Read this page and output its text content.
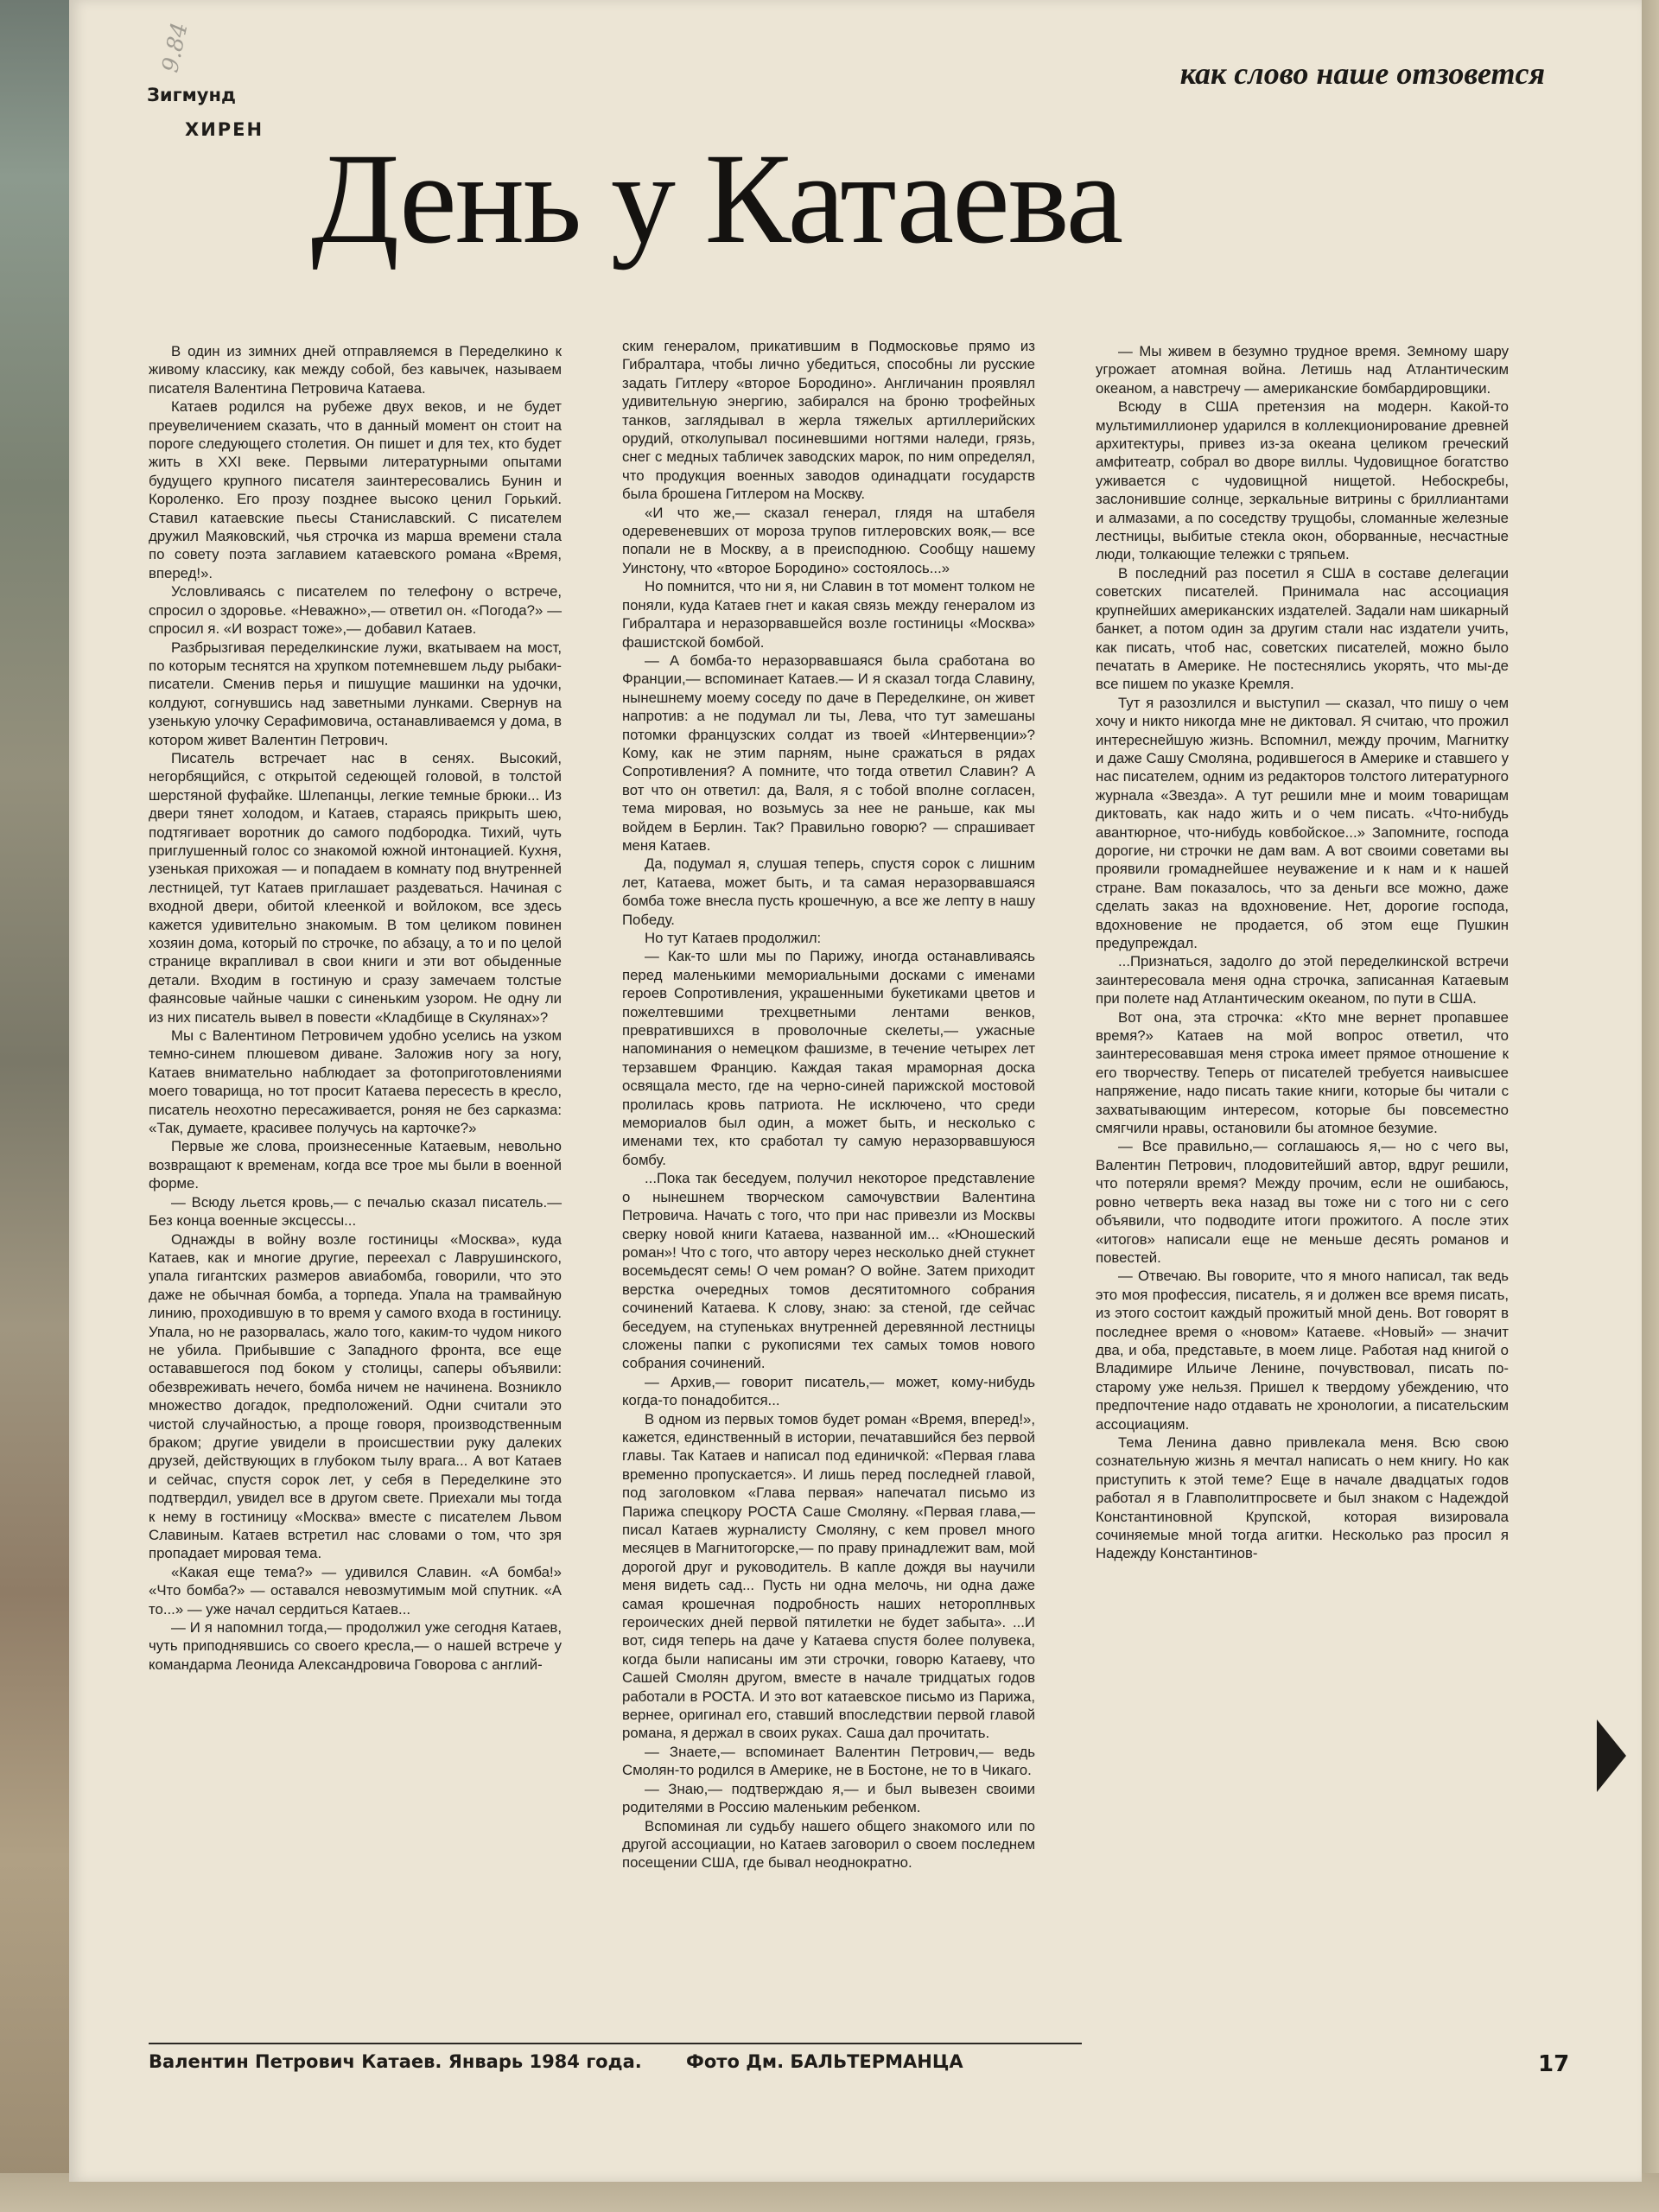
9.84
Зигмунд
ХИРЕН
как слово наше отзовется
День у Катаева

В один из зимних дней отправляемся в Переделкино к живому классику, как между собой, без кавычек, называем писателя Валентина Петровича Катаева.

Катаев родился на рубеже двух веков, и не будет преувеличением сказать, что в данный момент он стоит на пороге следующего столетия. Он пишет и для тех, кто будет жить в XXI веке. Первыми литературными опытами будущего крупного писателя заинтересовались Бунин и Короленко. Его прозу позднее высоко ценил Горький. Ставил катаевские пьесы Станиславский. С писателем дружил Маяковский, чья строчка из марша времени стала по совету поэта заглавием катаевского романа «Время, вперед!».

Условливаясь с писателем по телефону о встрече, спросил о здоровье. «Неважно»,— ответил он. «Погода?» — спросил я. «И возраст тоже»,— добавил Катаев.

Разбрызгивая переделкинские лужи, вкатываем на мост, по которым теснятся на хрупком потемневшем льду рыбаки-писатели. Сменив перья и пишущие машинки на удочки, колдуют, согнувшись над заветными лунками. Свернув на узенькую улочку Серафимовича, останавливаемся у дома, в котором живет Валентин Петрович.

Писатель встречает нас в сенях. Высокий, негорбящийся, с открытой седеющей головой, в толстой шерстяной фуфайке. Шлепанцы, легкие темные брюки... Из двери тянет холодом, и Катаев, стараясь прикрыть шею, подтягивает воротник до самого подбородка. Тихий, чуть приглушенный голос со знакомой южной интонацией. Кухня, узенькая прихожая — и попадаем в комнату под внутренней лестницей, тут Катаев приглашает раздеваться. Начиная с входной двери, обитой клеенкой и войлоком, все здесь кажется удивительно знакомым. В том целиком повинен хозяин дома, который по строчке, по абзацу, а то и по целой странице вкрапливал в свои книги и эти вот обыденные детали. Входим в гостиную и сразу замечаем толстые фаянсовые чайные чашки с синеньким узором. Не одну ли из них писатель вывел в повести «Кладбище в Скулянах»?

Мы с Валентином Петровичем удобно уселись на узком темно-синем плюшевом диване. Заложив ногу за ногу, Катаев внимательно наблюдает за фотоприготовлениями моего товарища, но тот просит Катаева пересесть в кресло, писатель неохотно пересаживается, роняя не без сарказма: «Так, думаете, красивее получусь на карточке?»

Первые же слова, произнесенные Катаевым, невольно возвращают к временам, когда все трое мы были в военной форме.

— Всюду льется кровь,— с печалью сказал писатель.— Без конца военные эксцессы...

Однажды в войну возле гостиницы «Москва», куда Катаев, как и многие другие, переехал с Лаврушинского, упала гигантских размеров авиабомба, говорили, что это даже не обычная бомба, а торпеда. Упала на трамвайную линию, проходившую в то время у самого входа в гостиницу. Упала, но не разорвалась, жало того, каким-то чудом никого не убила. Прибывшие с Западного фронта, все еще остававшегося под боком у столицы, саперы объявили: обезвреживать нечего, бомба ничем не начинена. Возникло множество догадок, предположений. Одни считали это чистой случайностью, а проще говоря, производственным браком; другие увидели в происшествии руку далеких друзей, действующих в глубоком тылу врага... А вот Катаев и сейчас, спустя сорок лет, у себя в Переделкине это подтвердил, увидел все в другом свете. Приехали мы тогда к нему в гостиницу «Москва» вместе с писателем Львом Славиным. Катаев встретил нас словами о том, что зря пропадает мировая тема.

«Какая еще тема?» — удивился Славин. «А бомба!» «Что бомба?» — оставался невозмутимым мой спутник. «А то...» — уже начал сердиться Катаев...

— И я напомнил тогда,— продолжил уже сегодня Катаев, чуть приподнявшись со своего кресла,— о нашей встрече у командарма Леонида Александровича Говорова с англий-

ским генералом, прикатившим в Подмосковье прямо из Гибралтара, чтобы лично убедиться, способны ли русские задать Гитлеру «второе Бородино». Англичанин проявлял удивительную энергию, забирался на броню трофейных танков, заглядывал в жерла тяжелых артиллерийских орудий, отколупывал посиневшими ногтями наледи, грязь, снег с медных табличек заводских марок, по ним определял, что продукция военных заводов одинадцати государств была брошена Гитлером на Москву.

«И что же,— сказал генерал, глядя на штабеля одеревеневших от мороза трупов гитлеровских вояк,— все попали не в Москву, а в преисподнюю. Сообщу нашему Уинстону, что «второе Бородино» состоялось...»

Но помнится, что ни я, ни Славин в тот момент толком не поняли, куда Катаев гнет и какая связь между генералом из Гибралтара и неразорвавшейся возле гостиницы «Москва» фашистской бомбой.

— А бомба-то неразорвавшаяся была сработана во Франции,— вспоминает Катаев.— И я сказал тогда Славину, нынешнему моему соседу по даче в Переделкине, он живет напротив: а не подумал ли ты, Лева, что тут замешаны потомки французских солдат из твоей «Интервенции»? Кому, как не этим парням, ныне сражаться в рядах Сопротивления? А помните, что тогда ответил Славин? А вот что он ответил: да, Валя, я с тобой вполне согласен, тема мировая, но возьмусь за нее не раньше, как мы войдем в Берлин. Так? Правильно говорю? — спрашивает меня Катаев.

Да, подумал я, слушая теперь, спустя сорок с лишним лет, Катаева, может быть, и та самая неразорвавшаяся бомба тоже внесла пусть крошечную, а все же лепту в нашу Победу.

Но тут Катаев продолжил:

— Как-то шли мы по Парижу, иногда останавливаясь перед маленькими мемориальными досками с именами героев Сопротивления, украшенными букетиками цветов и пожелтевшими трехцветными лентами венков, превратившихся в проволочные скелеты,— ужасные напоминания о немецком фашизме, в течение четырех лет терзавшем Францию. Каждая такая мраморная доска освящала место, где на черно-синей парижской мостовой пролилась кровь патриота. Не исключено, что среди мемориалов был один, а может быть, и несколько с именами тех, кто сработал ту самую неразорвавшуюся бомбу.

...Пока так беседуем, получил некоторое представление о нынешнем творческом самочувствии Валентина Петровича. Начать с того, что при нас привезли из Москвы сверку новой книги Катаева, названной им... «Юношеский роман»! Что с того, что автору через несколько дней стукнет восемьдесят семь! О чем роман? О войне. Затем приходит верстка очередных томов десятитомного собрания сочинений Катаева. К слову, знаю: за стеной, где сейчас беседуем, на ступеньках внутренней деревянной лестницы сложены папки с рукописями тех самых томов нового собрания сочинений.

— Архив,— говорит писатель,— может, кому-нибудь когда-то понадобится...

В одном из первых томов будет роман «Время, вперед!», кажется, единственный в истории, печатавшийся без первой главы. Так Катаев и написал под единичкой: «Первая глава временно пропускается». И лишь перед последней главой, под заголовком «Глава первая» напечатал письмо из Парижа спецкору РОСТА Саше Смоляну. «Первая глава,— писал Катаев журналисту Смоляну, с кем провел много месяцев в Магнитогорске,— по праву принадлежит вам, мой дорогой друг и руководитель. В капле дождя вы научили меня видеть сад... Пусть ни одна мелочь, ни одна даже самая крошечная подробность наших нетороплнвых героических дней первой пятилетки не будет забыта». ...И вот, сидя теперь на даче у Катаева спустя более полувека, когда были написаны им эти строчки, говорю Катаеву, что Сашей Смолян другом, вместе в начале тридцатых годов работали в РОСТА. И это вот катаевское письмо из Парижа, вернее, оригинал его, ставший впоследствии первой главой романа, я держал в своих руках. Саша дал прочитать.

— Знаете,— вспоминает Валентин Петрович,— ведь Смолян-то родился в Америке, не в Бостоне, не то в Чикаго.

— Знаю,— подтверждаю я,— и был вывезен своими родителями в Россию маленьким ребенком.

Вспоминая ли судьбу нашего общего знакомого или по другой ассоциации, но Катаев заговорил о своем последнем посещении США, где бывал неоднократно.

— Мы живем в безумно трудное время. Земному шару угрожает атомная война. Летишь над Атлантическим океаном, а навстречу — американские бомбардировщики.

Всюду в США претензия на модерн. Какой-то мультимиллионер ударился в коллекционирование древней архитектуры, привез из-за океана целиком греческий амфитеатр, собрал во дворе виллы. Чудовищное богатство уживается с чудовищной нищетой. Небоскребы, заслонившие солнце, зеркальные витрины с бриллиантами и алмазами, а по соседству трущобы, сломанные железные лестницы, выбитые стекла окон, оборванные, несчастные люди, толкающие тележки с тряпьем.

В последний раз посетил я США в составе делегации советских писателей. Принимала нас ассоциация крупнейших американских издателей. Задали нам шикарный банкет, а потом один за другим стали нас издатели учить, как писать, чтоб нас, советских писателей, можно было печатать в Америке. Не постеснялись укорять, что мы-де все пишем по указке Кремля.

Тут я разозлился и выступил — сказал, что пишу о чем хочу и никто никогда мне не диктовал. Я считаю, что прожил интереснейшую жизнь. Вспомнил, между прочим, Магнитку и даже Сашу Смоляна, родившегося в Америке и ставшего у нас писателем, одним из редакторов толстого литературного журнала «Звезда». А тут решили мне и моим товарищам диктовать, как надо жить и о чем писать. «Что-нибудь авантюрное, что-нибудь ковбойское...» Запомните, господа дорогие, ни строчки не дам вам. А вот своими советами вы проявили громаднейшее неуважение и к нам и к нашей стране. Вам показалось, что за деньги все можно, даже сделать заказ на вдохновение. Нет, дорогие господа, вдохновение не продается, об этом еще Пушкин предупреждал.

...Признаться, задолго до этой переделкинской встречи заинтересовала меня одна строчка, записанная Катаевым при полете над Атлантическим океаном, по пути в США.

Вот она, эта строчка: «Кто мне вернет пропавшее время?» Катаев на мой вопрос ответил, что заинтересовавшая меня строка имеет прямое отношение к его творчеству. Теперь от писателей требуется наивысшее напряжение, надо писать такие книги, которые бы читали с захватывающим интересом, которые бы повсеместно смягчили нравы, остановили бы атомное безумие.

— Все правильно,— соглашаюсь я,— но с чего вы, Валентин Петрович, плодовитейший автор, вдруг решили, что потеряли время? Между прочим, если не ошибаюсь, ровно четверть века назад вы тоже ни с того ни с сего объявили, что подводите итоги прожитого. А после этих «итогов» написали еще не меньше десять романов и повестей.

— Отвечаю. Вы говорите, что я много написал, так ведь это моя профессия, писатель, я и должен все время писать, из этого состоит каждый прожитый мной день. Вот говорят в последнее время о «новом» Катаеве. «Новый» — значит два, и оба, представьте, в моем лице. Работая над книгой о Владимире Ильиче Ленине, почувствовал, писать по-старому уже нельзя. Пришел к твердому убеждению, что предпочтение надо отдавать не хронологии, а писательским ассоциациям.

Тема Ленина давно привлекала меня. Всю свою сознательную жизнь я мечтал написать о нем книгу. Но как приступить к этой теме? Еще в начале двадцатых годов работал я в Главполитпросвете и был знаком с Надеждой Константиновной Крупской, которая визировала сочиняемые мной тогда агитки. Несколько раз просил я Надежду Константинов-

Валентин Петрович Катаев. Январь 1984 года. Фото Дм. БАЛЬТЕРМАНЦА	17
